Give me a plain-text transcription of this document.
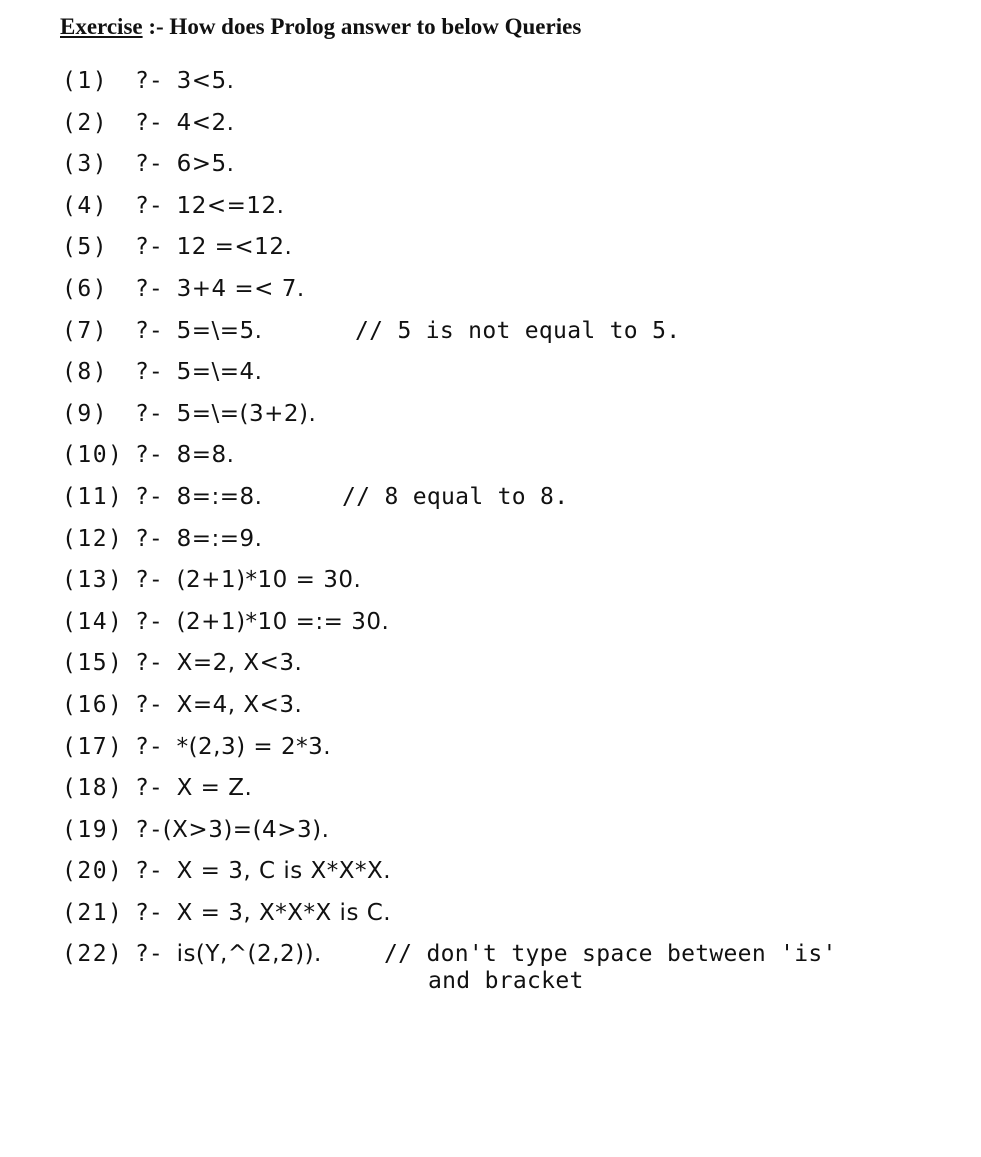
Exercise :- How does Prolog answer to below Queries
(1) ?- 3<5.
(2) ?- 4<2.
(3) ?- 6>5.
(4) ?- 12<=12.
(5) ?- 12 =<12.
(6) ?- 3+4 =< 7.
(7) ?- 5=\=5.	// 5 is not equal to 5.
(8) ?- 5=\=4.
(9) ?- 5=\=(3+2).
(10) ?- 8=8.
(11) ?- 8=:=8.	// 8 equal to 8.
(12) ?- 8=:=9.
(13) ?- (2+1)*10 = 30.
(14) ?- (2+1)*10 =:= 30.
(15) ?- X=2, X<3.
(16) ?- X=4, X<3.
(17) ?- *(2,3) = 2*3.
(18) ?- X = Z.
(19) ?-(X>3)=(4>3).
(20) ?- X = 3, C is X*X*X.
(21) ?- X = 3, X*X*X is C.
(22) ?- is(Y,^(2,2)).	// don't type space between 'is'
and bracket
